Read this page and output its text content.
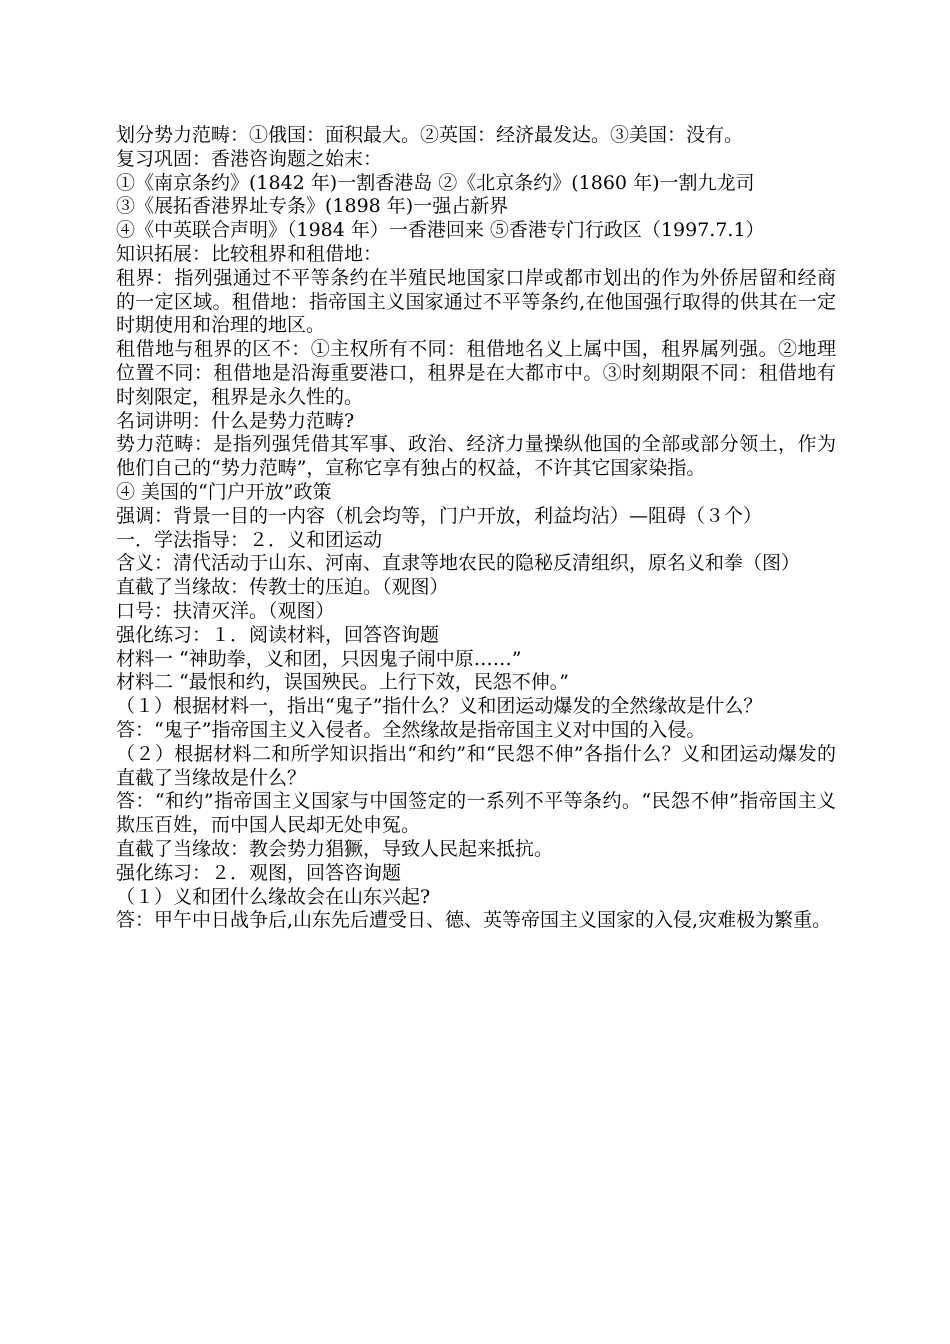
划分势力范畴：①俄国：面积最大。②英国：经济最发达。③美国：没有。

复习巩固：香港咨询题之始末：

①《南京条约》(1842 年)一割香港岛 ②《北京条约》(1860 年)一割九龙司

③《展拓香港界址专条》(1898 年)一强占新界

④《中英联合声明》（1984 年）一香港回来 ⑤香港专门行政区（1997.7.1）

知识拓展：比较租界和租借地：

租界：指列强通过不平等条约在半殖民地国家口岸或都市划出的作为外侨居留和经商的一定区域。租借地：指帝国主义国家通过不平等条约,在他国强行取得的供其在一定时期使用和治理的地区。

租借地与租界的区不：①主权所有不同：租借地名义上属中国，租界属列强。②地理位置不同：租借地是沿海重要港口，租界是在大都市中。③时刻期限不同：租借地有时刻限定，租界是永久性的。

名词讲明：什么是势力范畴?

势力范畴：是指列强凭借其军事、政治、经济力量操纵他国的全部或部分领土，作为他们自己的“势力范畴”，宣称它享有独占的权益，不许其它国家染指。

④ 美国的“门户开放”政策

强调：背景一目的一内容（机会均等，门户开放，利益均沾）—阻碍（３个）

一．学法指导：２．义和团运动

含义：清代活动于山东、河南、直隶等地农民的隐秘反清组织，原名义和拳（图）

直截了当缘故：传教士的压迫。（观图）

口号：扶清灭洋。（观图）

强化练习：１．阅读材料，回答咨询题

材料一 “神助拳，义和团，只因鬼子闹中原……”

材料二 “最恨和约，误国殃民。上行下效，民怨不伸。”

（１）根据材料一，指出“鬼子”指什么？义和团运动爆发的全然缘故是什么？

答：“鬼子”指帝国主义入侵者。全然缘故是指帝国主义对中国的入侵。

（２）根据材料二和所学知识指出“和约”和“民怨不伸”各指什么？义和团运动爆发的直截了当缘故是什么？

答：“和约”指帝国主义国家与中国签定的一系列不平等条约。“民怨不伸”指帝国主义欺压百姓，而中国人民却无处申冤。

直截了当缘故：教会势力猖獗，导致人民起来抵抗。

强化练习：２．观图，回答咨询题

（１）义和团什么缘故会在山东兴起?

答：甲午中日战争后,山东先后遭受日、德、英等帝国主义国家的入侵,灾难极为繁重。
